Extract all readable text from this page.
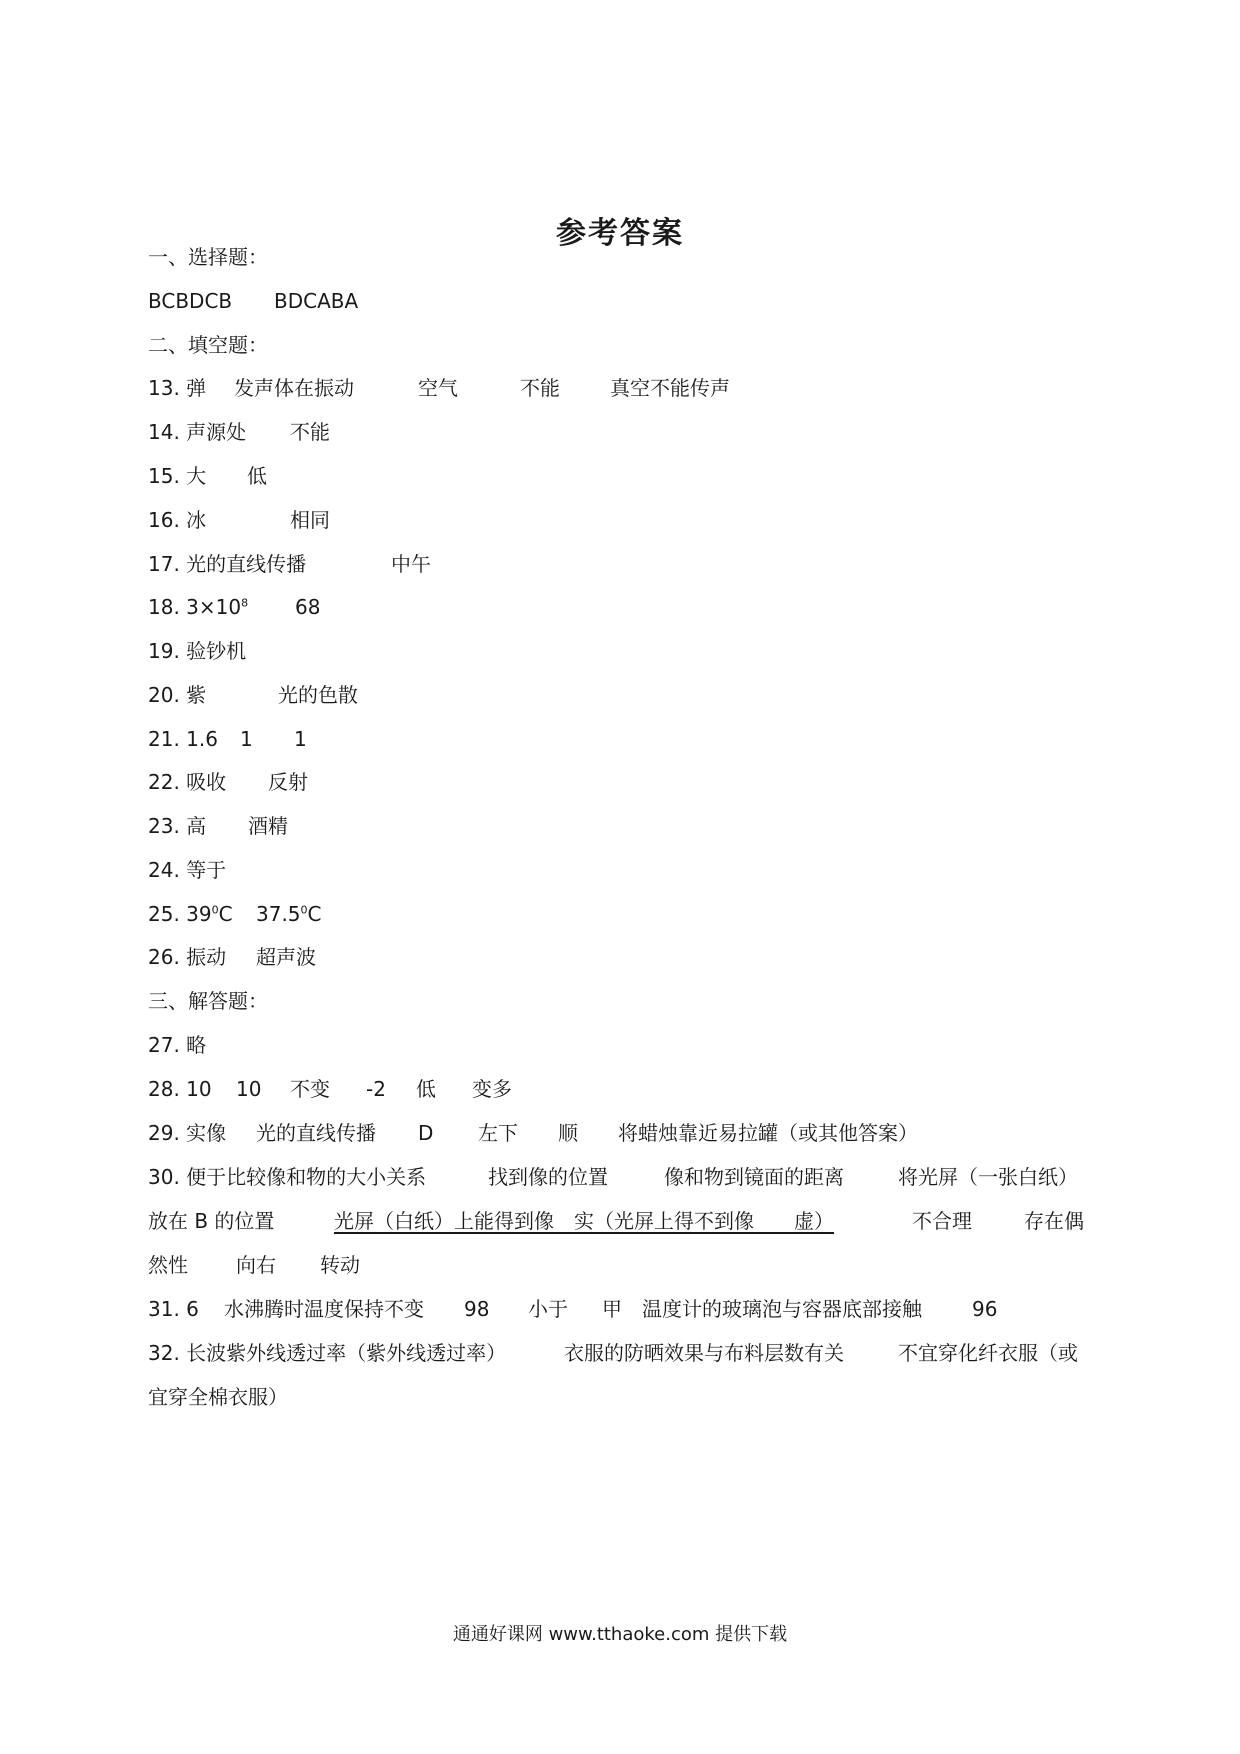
参考答案
一、选择题：
BCBDCB BDCABA
二、填空题：
13. 弹 发声体在振动	空气	不能	真空不能传声
14. 声源处 不能
15. 大 低
16. 冰	相同
17. 光的直线传播	中午
18. $3\times 10^8$ 68
19. 验钞机
20. 紫	光的色散
21. 1.6 1 1
22. 吸收 反射
23. 高 酒精
24. 等于
25. $39^0C$ 37.5$^0$C
26. 振动 超声波
三、解答题：
27. 略
28. 10 10 不变 -2 低 变多
29. 实像 光的直线传播 D 左下 顺 将蜡烛靠近易拉罐（或其他答案）
30. 便于比较像和物的大小关系	找到像的位置	像和物到镜面的距离	将光屏（一张白纸）
放在 B 的位置	光屏（白纸）上能得到像　实（光屏上得不到像　　虚）	不合理	存在偶
然性 向右 转动
31. 6 水沸腾时温度保持不变 98 小于 甲 温度计的玻璃泡与容器底部接触	96
32. 长波紫外线透过率（紫外线透过率）	衣服的防晒效果与布料层数有关	不宜穿化纤衣服（或
宜穿全棉衣服）
通通好课网 www.tthaoke.com 提供下载
